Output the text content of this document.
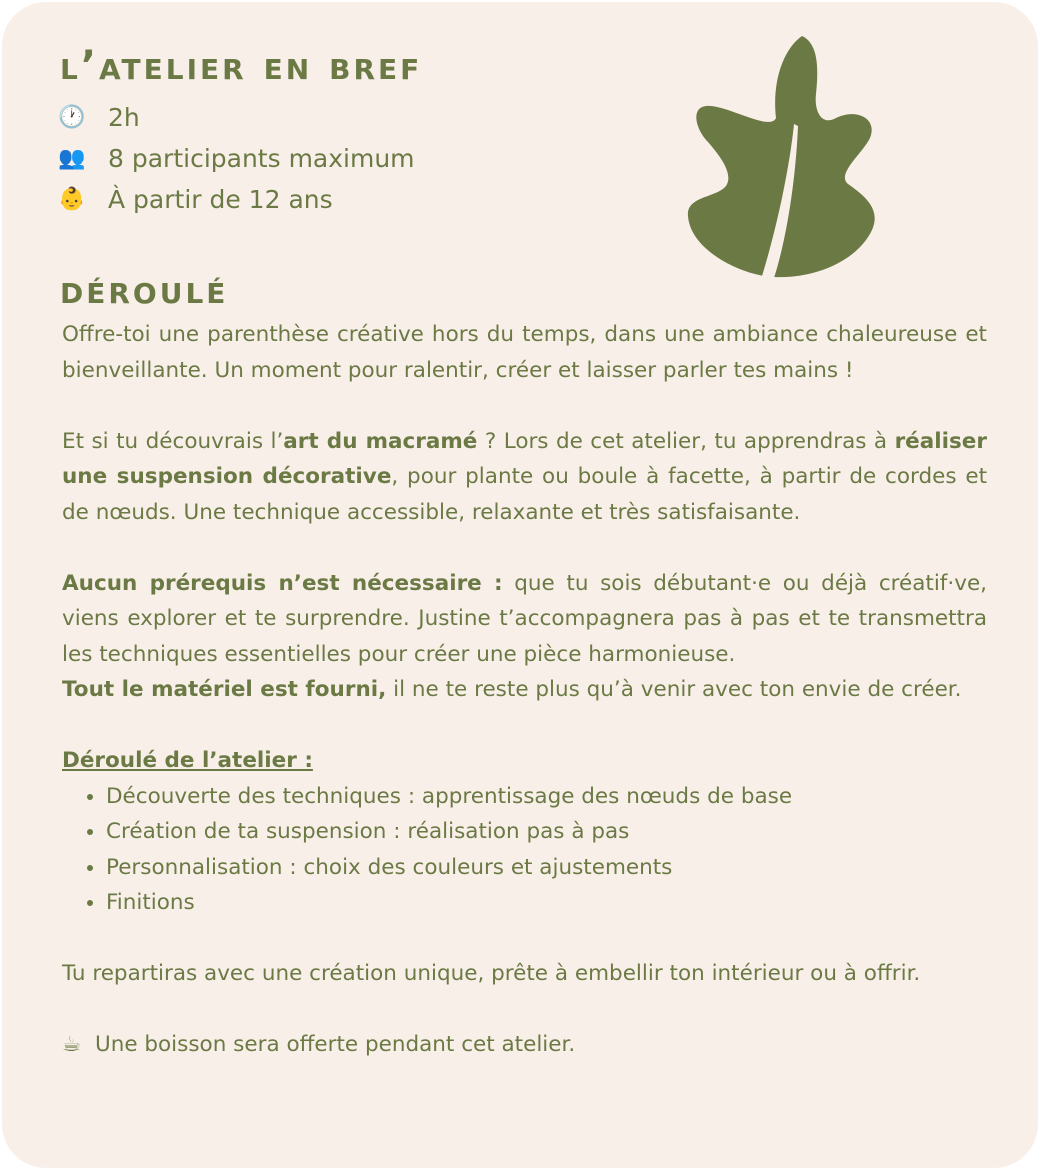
l’atelier en bref
🕐 2h
👥 8 participants maximum
👶 À partir de 12 ans
déroulé

Offre-toi une parenthèse créative hors du temps, dans une ambiance chaleureuse et bienveillante. Un moment pour ralentir, créer et laisser parler tes mains !

Et si tu découvrais l’art du macramé ? Lors de cet atelier, tu apprendras à réaliser une suspension décorative, pour plante ou boule à facette, à partir de cordes et de nœuds. Une technique accessible, relaxante et très satisfaisante.

Aucun prérequis n’est nécessaire : que tu sois débutant·e ou déjà créatif·ve, viens explorer et te surprendre. Justine t’accompagnera pas à pas et te transmettra les techniques essentielles pour créer une pièce harmonieuse.

Tout le matériel est fourni, il ne te reste plus qu’à venir avec ton envie de créer.

Déroulé de l’atelier :

• Découverte des techniques : apprentissage des nœuds de base
• Création de ta suspension : réalisation pas à pas
• Personnalisation : choix des couleurs et ajustements
• Finitions

Tu repartiras avec une création unique, prête à embellir ton intérieur ou à offrir.

☕ Une boisson sera offerte pendant cet atelier.
